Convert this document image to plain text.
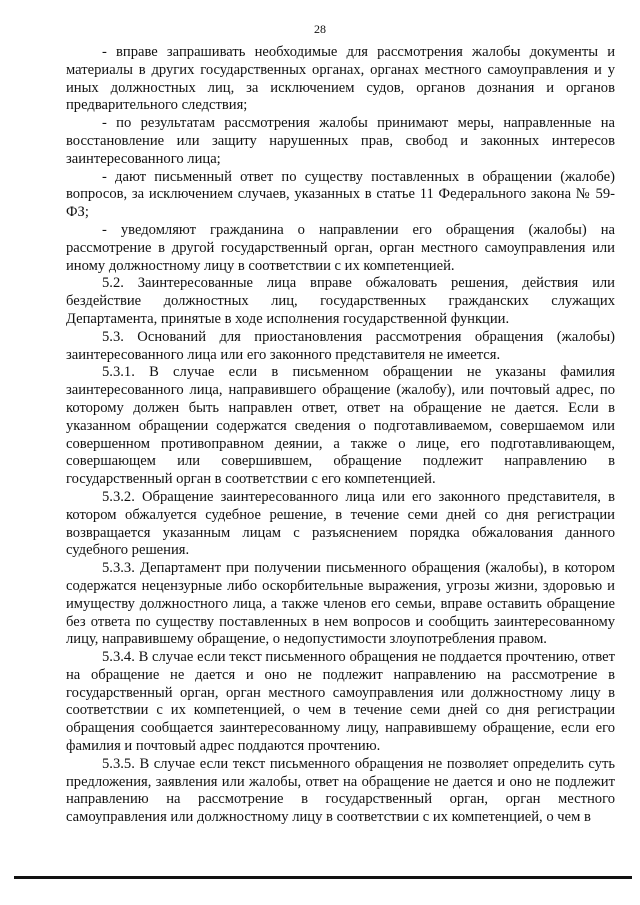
28

- вправе запрашивать необходимые для рассмотрения жалобы документы и материалы в других государственных органах, органах местного самоуправления и у иных должностных лиц, за исключением судов, органов дознания и органов предварительного следствия;

- по результатам рассмотрения жалобы принимают меры, направленные на восстановление или защиту нарушенных прав, свобод и законных интересов заинтересованного лица;

- дают письменный ответ по существу поставленных в обращении (жалобе) вопросов, за исключением случаев, указанных в статье 11 Федерального закона № 59-ФЗ;

- уведомляют гражданина о направлении его обращения (жалобы) на рассмотрение в другой государственный орган, орган местного самоуправления или иному должностному лицу в соответствии с их компетенцией.

5.2. Заинтересованные лица вправе обжаловать решения, действия или бездействие должностных лиц, государственных гражданских служащих Департамента, принятые в ходе исполнения государственной функции.

5.3. Оснований для приостановления рассмотрения обращения (жалобы) заинтересованного лица или его законного представителя не имеется.

5.3.1. В случае если в письменном обращении не указаны фамилия заинтересованного лица, направившего обращение (жалобу), или почтовый адрес, по которому должен быть направлен ответ, ответ на обращение не дается. Если в указанном обращении содержатся сведения о подготавливаемом, совершаемом или совершенном противоправном деянии, а также о лице, его подготавливающем, совершающем или совершившем, обращение подлежит направлению в государственный орган в соответствии с его компетенцией.

5.3.2. Обращение заинтересованного лица или его законного представителя, в котором обжалуется судебное решение, в течение семи дней со дня регистрации возвращается указанным лицам с разъяснением порядка обжалования данного судебного решения.

5.3.3. Департамент при получении письменного обращения (жалобы), в котором содержатся нецензурные либо оскорбительные выражения, угрозы жизни, здоровью и имуществу должностного лица, а также членов его семьи, вправе оставить обращение без ответа по существу поставленных в нем вопросов и сообщить заинтересованному лицу, направившему обращение, о недопустимости злоупотребления правом.

5.3.4. В случае если текст письменного обращения не поддается прочтению, ответ на обращение не дается и оно не подлежит направлению на рассмотрение в государственный орган, орган местного самоуправления или должностному лицу в соответствии с их компетенцией, о чем в течение семи дней со дня регистрации обращения сообщается заинтересованному лицу, направившему обращение, если его фамилия и почтовый адрес поддаются прочтению.

5.3.5. В случае если текст письменного обращения не позволяет определить суть предложения, заявления или жалобы, ответ на обращение не дается и оно не подлежит направлению на рассмотрение в государственный орган, орган местного самоуправления или должностному лицу в соответствии с их компетенцией, о чем в
